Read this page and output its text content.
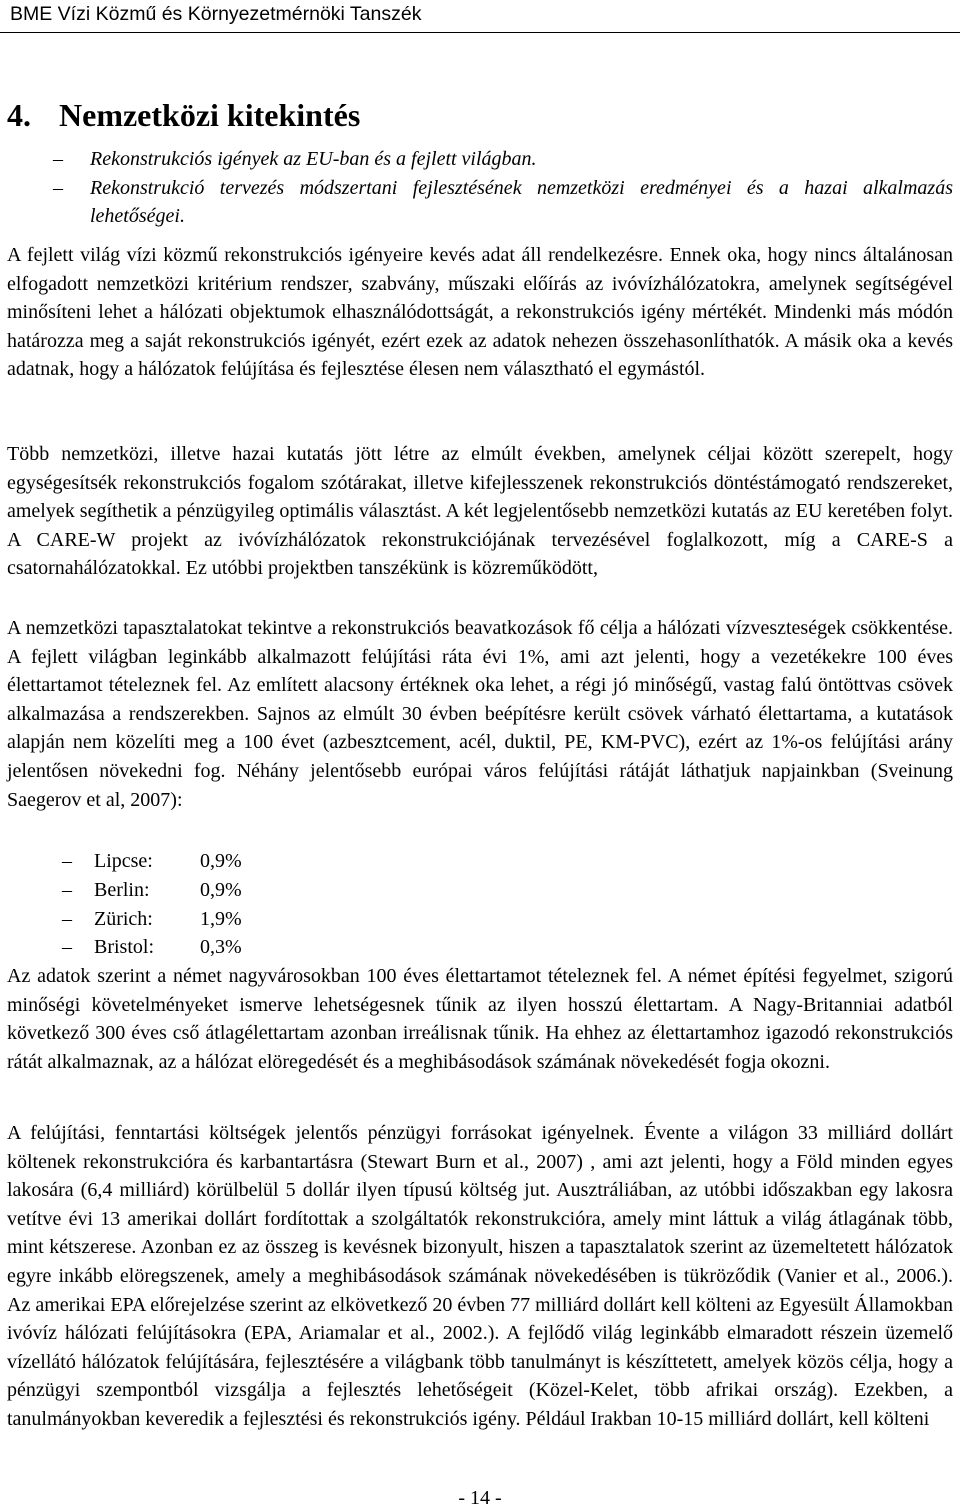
BME Vízi Közmű és Környezetmérnöki Tanszék
4. Nemzetközi kitekintés
– Rekonstrukciós igények az EU-ban és a fejlett világban.
– Rekonstrukció tervezés módszertani fejlesztésének nemzetközi eredményei és a hazai alkalmazás lehetőségei.

A fejlett világ vízi közmű rekonstrukciós igényeire kevés adat áll rendelkezésre. Ennek oka, hogy nincs általánosan elfogadott nemzetközi kritérium rendszer, szabvány, műszaki előírás az ivóvízhálózatokra, amelynek segítségével minősíteni lehet a hálózati objektumok elhasználódottságát, a rekonstrukciós igény mértékét. Mindenki más módón határozza meg a saját rekonstrukciós igényét, ezért ezek az adatok nehezen összehasonlíthatók. A másik oka a kevés adatnak, hogy a hálózatok felújítása és fejlesztése élesen nem választható el egymástól.

Több nemzetközi, illetve hazai kutatás jött létre az elmúlt években, amelynek céljai között szerepelt, hogy egységesítsék rekonstrukciós fogalom szótárakat, illetve kifejlesszenek rekonstrukciós döntéstámogató rendszereket, amelyek segíthetik a pénzügyileg optimális választást. A két legjelentősebb nemzetközi kutatás az EU keretében folyt. A CARE-W projekt az ivóvízhálózatok rekonstrukciójának tervezésével foglalkozott, míg a CARE-S a csatornahálózatokkal. Ez utóbbi projektben tanszékünk is közreműködött,

A nemzetközi tapasztalatokat tekintve a rekonstrukciós beavatkozások fő célja a hálózati vízveszteségek csökkentése. A fejlett világban leginkább alkalmazott felújítási ráta évi 1%, ami azt jelenti, hogy a vezetékekre 100 éves élettartamot tételeznek fel. Az említett alacsony értéknek oka lehet, a régi jó minőségű, vastag falú öntöttvas csövek alkalmazása a rendszerekben. Sajnos az elmúlt 30 évben beépítésre került csövek várható élettartama, a kutatások alapján nem közelíti meg a 100 évet (azbesztcement, acél, duktil, PE, KM-PVC), ezért az 1%-os felújítási arány jelentősen növekedni fog. Néhány jelentősebb európai város felújítási rátáját láthatjuk napjainkban (Sveinung Saegerov et al, 2007):

–	Lipcse:	0,9%
–	Berlin:	0,9%
–	Zürich:	1,9%
–	Bristol:	0,3%

Az adatok szerint a német nagyvárosokban 100 éves élettartamot tételeznek fel. A német építési fegyelmet, szigorú minőségi követelményeket ismerve lehetségesnek tűnik az ilyen hosszú élettartam. A Nagy-Britanniai adatból következő 300 éves cső átlagélettartam azonban irreálisnak tűnik. Ha ehhez az élettartamhoz igazodó rekonstrukciós rátát alkalmaznak, az a hálózat elöregedését és a meghibásodások számának növekedését fogja okozni.

A felújítási, fenntartási költségek jelentős pénzügyi forrásokat igényelnek. Évente a világon 33 milliárd dollárt költenek rekonstrukcióra és karbantartásra (Stewart Burn et al., 2007) , ami azt jelenti, hogy a Föld minden egyes lakosára (6,4 milliárd) körülbelül 5 dollár ilyen típusú költség jut. Ausztráliában, az utóbbi időszakban egy lakosra vetítve évi 13 amerikai dollárt fordítottak a szolgáltatók rekonstrukcióra, amely mint láttuk a világ átlagának több, mint kétszerese. Azonban ez az összeg is kevésnek bizonyult, hiszen a tapasztalatok szerint az üzemeltetett hálózatok egyre inkább elöregszenek, amely a meghibásodások számának növekedésében is tükröződik (Vanier et al., 2006.). Az amerikai EPA előrejelzése szerint az elkövetkező 20 évben 77 milliárd dollárt kell költeni az Egyesült Államokban ivóvíz hálózati felújításokra (EPA, Ariamalar et al., 2002.). A fejlődő világ leginkább elmaradott részein üzemelő vízellátó hálózatok felújítására, fejlesztésére a világbank több tanulmányt is készíttetett, amelyek közös célja, hogy a pénzügyi szempontból vizsgálja a fejlesztés lehetőségeit (Közel-Kelet, több afrikai ország). Ezekben, a tanulmányokban keveredik a fejlesztési és rekonstrukciós igény. Például Irakban 10-15 milliárd dollárt, kell költeni

- 14 -
